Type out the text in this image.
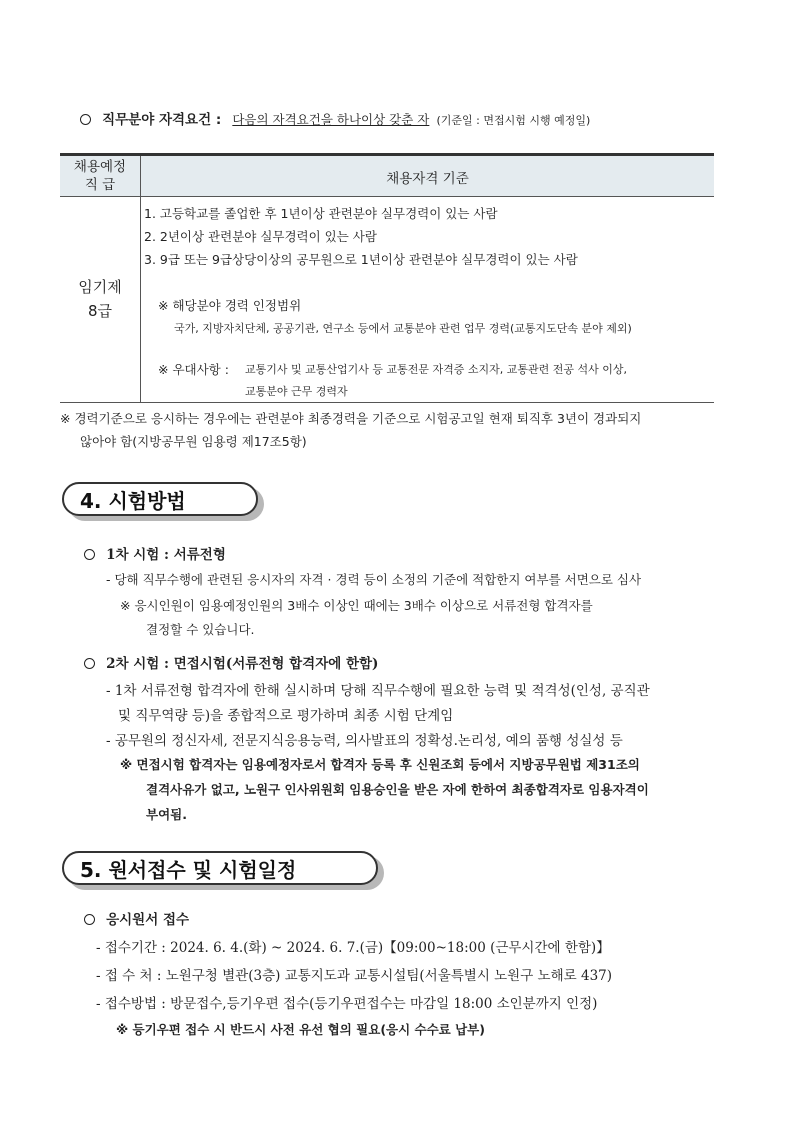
직무분야 자격요건 : 다음의 자격요건을 하나이상 갖춘 자 (기준일 : 면접시험 시행 예정일)
채용예정
직 급	채용자격 기준
임기제
8급
1. 고등학교를 졸업한 후 1년이상 관련분야 실무경력이 있는 사람
2. 2년이상 관련분야 실무경력이 있는 사람
3. 9급 또는 9급상당이상의 공무원으로 1년이상 관련분야 실무경력이 있는 사람
※ 해당분야 경력 인정범위
국가, 지방자치단체, 공공기관, 연구소 등에서 교통분야 관련 업무 경력(교통지도단속 분야 제외)
※ 우대사항 : 교통기사 및 교통산업기사 등 교통전문 자격증 소지자, 교통관련 전공 석사 이상,
교통분야 근무 경력자
※ 경력기준으로 응시하는 경우에는 관련분야 최종경력을 기준으로 시험공고일 현재 퇴직후 3년이 경과되지
않아야 함(지방공무원 임용령 제17조5항)
4. 시험방법
1차 시험 : 서류전형
- 당해 직무수행에 관련된 응시자의 자격 · 경력 등이 소정의 기준에 적합한지 여부를 서면으로 심사
※ 응시인원이 임용예정인원의 3배수 이상인 때에는 3배수 이상으로 서류전형 합격자를
결정할 수 있습니다.
2차 시험 : 면접시험(서류전형 합격자에 한함)
- 1차 서류전형 합격자에 한해 실시하며 당해 직무수행에 필요한 능력 및 적격성(인성, 공직관
및 직무역량 등)을 종합적으로 평가하며 최종 시험 단계임
- 공무원의 정신자세, 전문지식응용능력, 의사발표의 정확성.논리성, 예의 품행 성실성 등
※ 면접시험 합격자는 임용예정자로서 합격자 등록 후 신원조회 등에서 지방공무원법 제31조의
결격사유가 없고, 노원구 인사위원회 임용승인을 받은 자에 한하여 최종합격자로 임용자격이
부여됨.
5. 원서접수 및 시험일정
응시원서 접수
- 접수기간 : 2024. 6. 4.(화) ~ 2024. 6. 7.(금)【09:00~18:00 (근무시간에 한함)】
- 접 수 처 : 노원구청 별관(3층) 교통지도과 교통시설팀(서울특별시 노원구 노해로 437)
- 접수방법 : 방문접수,등기우편 접수(등기우편접수는 마감일 18:00 소인분까지 인정)
※ 등기우편 접수 시 반드시 사전 유선 협의 필요(응시 수수료 납부)
